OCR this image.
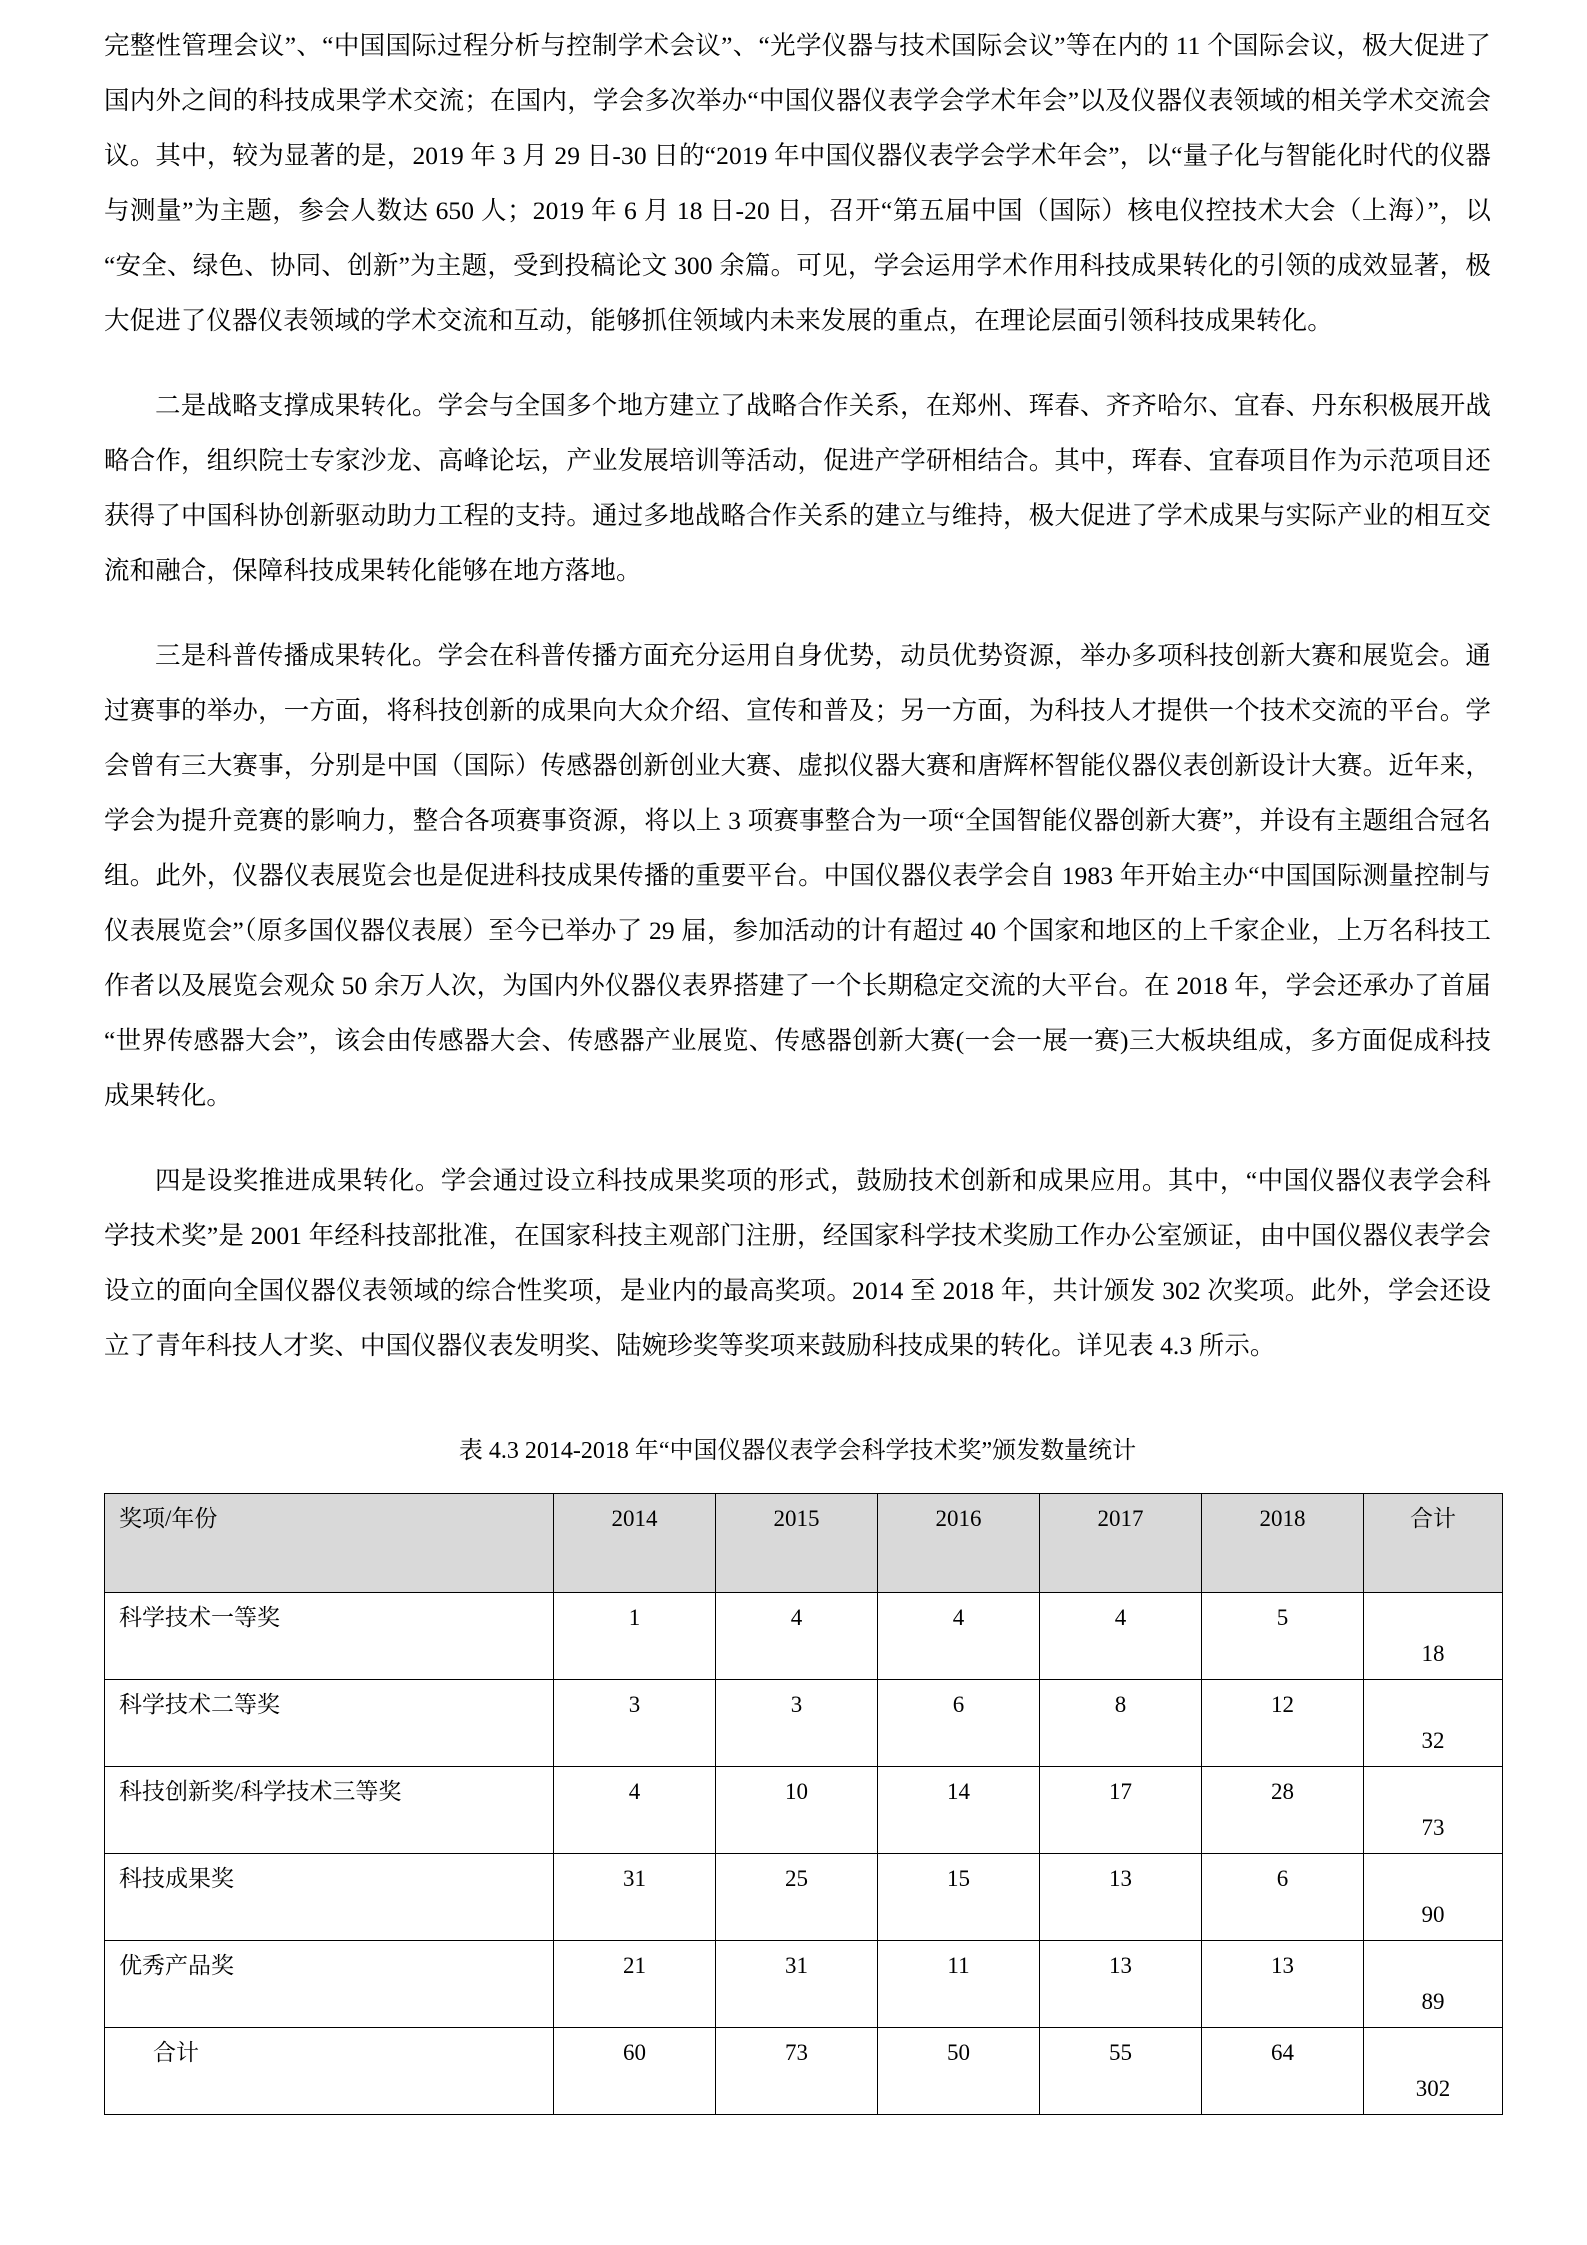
完整性管理会议”、“中国国际过程分析与控制学术会议”、“光学仪器与技术国际会议”等在内的 11 个国际会议，极大促进了国内外之间的科技成果学术交流；在国内，学会多次举办“中国仪器仪表学会学术年会”以及仪器仪表领域的相关学术交流会议。其中，较为显著的是，2019 年 3 月 29 日-30 日的“2019 年中国仪器仪表学会学术年会”，以“量子化与智能化时代的仪器与测量”为主题，参会人数达 650 人；2019 年 6 月 18 日-20 日，召开“第五届中国（国际）核电仪控技术大会（上海）”，以“安全、绿色、协同、创新”为主题，受到投稿论文 300 余篇。可见，学会运用学术作用科技成果转化的引领的成效显著，极大促进了仪器仪表领域的学术交流和互动，能够抓住领域内未来发展的重点，在理论层面引领科技成果转化。

二是战略支撑成果转化。学会与全国多个地方建立了战略合作关系，在郑州、珲春、齐齐哈尔、宜春、丹东积极展开战略合作，组织院士专家沙龙、高峰论坛，产业发展培训等活动，促进产学研相结合。其中，珲春、宜春项目作为示范项目还获得了中国科协创新驱动助力工程的支持。通过多地战略合作关系的建立与维持，极大促进了学术成果与实际产业的相互交流和融合，保障科技成果转化能够在地方落地。

三是科普传播成果转化。学会在科普传播方面充分运用自身优势，动员优势资源，举办多项科技创新大赛和展览会。通过赛事的举办，一方面，将科技创新的成果向大众介绍、宣传和普及；另一方面，为科技人才提供一个技术交流的平台。学会曾有三大赛事，分别是中国（国际）传感器创新创业大赛、虚拟仪器大赛和唐辉杯智能仪器仪表创新设计大赛。近年来，学会为提升竞赛的影响力，整合各项赛事资源，将以上 3 项赛事整合为一项“全国智能仪器创新大赛”，并设有主题组合冠名组。此外，仪器仪表展览会也是促进科技成果传播的重要平台。中国仪器仪表学会自 1983 年开始主办“中国国际测量控制与仪表展览会”（原多国仪器仪表展）至今已举办了 29 届，参加活动的计有超过 40 个国家和地区的上千家企业，上万名科技工作者以及展览会观众 50 余万人次，为国内外仪器仪表界搭建了一个长期稳定交流的大平台。在 2018 年，学会还承办了首届“世界传感器大会”，该会由传感器大会、传感器产业展览、传感器创新大赛(一会一展一赛)三大板块组成，多方面促成科技成果转化。

四是设奖推进成果转化。学会通过设立科技成果奖项的形式，鼓励技术创新和成果应用。其中，“中国仪器仪表学会科学技术奖”是 2001 年经科技部批准，在国家科技主观部门注册，经国家科学技术奖励工作办公室颁证，由中国仪器仪表学会设立的面向全国仪器仪表领域的综合性奖项，是业内的最高奖项。2014 至 2018 年，共计颁发 302 次奖项。此外，学会还设立了青年科技人才奖、中国仪器仪表发明奖、陆婉珍奖等奖项来鼓励科技成果的转化。详见表 4.3 所示。

表 4.3 2014-2018 年“中国仪器仪表学会科学技术奖”颁发数量统计
奖项/年份	2014	2015	2016	2017	2018	合计
科学技术一等奖	1	4	4	4	5	18
科学技术二等奖	3	3	6	8	12	32
科技创新奖/科学技术三等奖	4	10	14	17	28	73
科技成果奖	31	25	15	13	6	90
优秀产品奖	21	31	11	13	13	89
合计	60	73	50	55	64	302
